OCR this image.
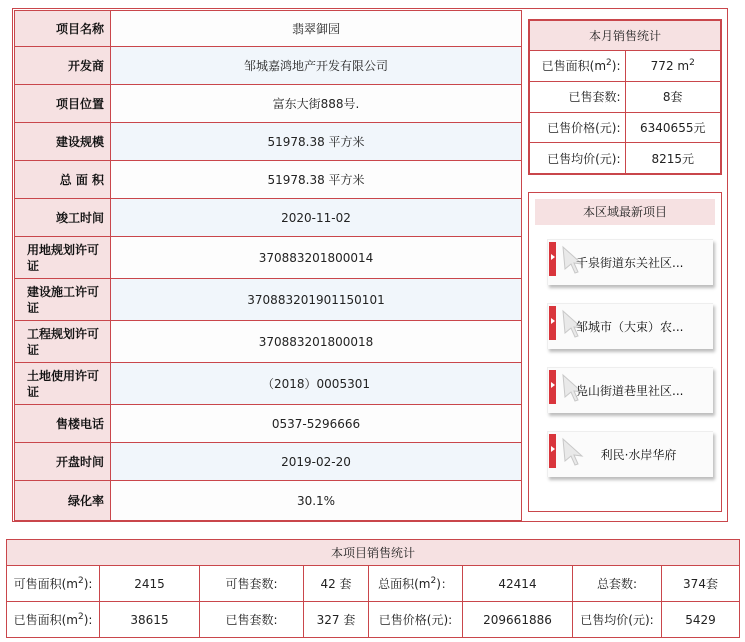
项目名称	翡翠御园
开发商	邹城嘉鸿地产开发有限公司
项目位置	富东大街888号.
建设规模	51978.38 平方米
总 面 积	51978.38 平方米
竣工时间	2020-11-02
用地规划许可证	370883201800014
建设施工许可证	370883201901150101
工程规划许可证	370883201800018
土地使用许可证	（2018）0005301
售楼电话	0537-5296666
开盘时间	2019-02-20
绿化率	30.1%
本月销售统计	
已售面积$(m^2)$:	772 $m^2$
已售套数:	8套
已售价格(元):	6340655元
已售均价(元):	8215元
本区域最新项目
千泉街道东关社区...
邹城市（大束）农...
凫山街道巷里社区...
利民·水岸华府
本项目销售统计							
可售面积$(m^2)$:	2415	可售套数:	42 套	总面积$(m^2)$：	42414	总套数:	374套
已售面积$(m^2)$:	38615	已售套数:	327 套	已售价格(元):	209661886	已售均价(元):	5429
